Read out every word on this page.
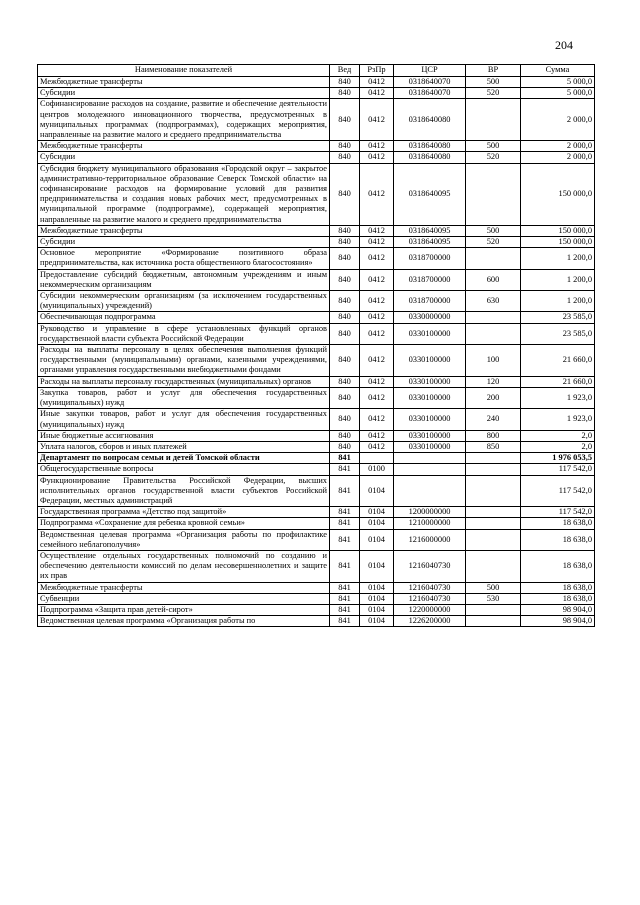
204
Наименование показателей	Вед	РзПр	ЦСР	ВР	Сумма
Межбюджетные трансферты	840	0412	0318640070	500	5 000,0
Субсидии	840	0412	0318640070	520	5 000,0
Софинансирование расходов на создание, развитие и обеспечение деятельности центров молодежного инновационного творчества, предусмотренных в муниципальных программах (подпрограммах), содержащих мероприятия, направленные на развитие малого и среднего предпринимательства	840	0412	0318640080		2 000,0
Межбюджетные трансферты	840	0412	0318640080	500	2 000,0
Субсидии	840	0412	0318640080	520	2 000,0
Субсидия бюджету муниципального образования «Городской округ – закрытое административно-территориальное образование Северск Томской области» на софинансирование расходов на формирование условий для развития предпринимательства и создания новых рабочих мест, предусмотренных в муниципальной программе (подпрограмме), содержащей мероприятия, направленные на развитие малого и среднего предпринимательства	840	0412	0318640095		150 000,0
Межбюджетные трансферты	840	0412	0318640095	500	150 000,0
Субсидии	840	0412	0318640095	520	150 000,0
Основное мероприятие «Формирование позитивного образа предпринимательства, как источника роста общественного благосостояния»	840	0412	0318700000		1 200,0
Предоставление субсидий бюджетным, автономным учреждениям и иным некоммерческим организациям	840	0412	0318700000	600	1 200,0
Субсидии некоммерческим организациям (за исключением государственных (муниципальных) учреждений)	840	0412	0318700000	630	1 200,0
Обеспечивающая подпрограмма	840	0412	0330000000		23 585,0
Руководство и управление в сфере установленных функций органов государственной власти субъекта Российской Федерации	840	0412	0330100000		23 585,0
Расходы на выплаты персоналу в целях обеспечения выполнения функций государственными (муниципальными) органами, казенными учреждениями, органами управления государственными внебюджетными фондами	840	0412	0330100000	100	21 660,0
Расходы на выплаты персоналу государственных (муниципальных) органов	840	0412	0330100000	120	21 660,0
Закупка товаров, работ и услуг для обеспечения государственных (муниципальных) нужд	840	0412	0330100000	200	1 923,0
Иные закупки товаров, работ и услуг для обеспечения государственных (муниципальных) нужд	840	0412	0330100000	240	1 923,0
Иные бюджетные ассигнования	840	0412	0330100000	800	2,0
Уплата налогов, сборов и иных платежей	840	0412	0330100000	850	2,0
Департамент по вопросам семьи и детей Томской области	841				1 976 053,5
Общегосударственные вопросы	841	0100			117 542,0
Функционирование Правительства Российской Федерации, высших исполнительных органов государственной власти субъектов Российской Федерации, местных администраций	841	0104			117 542,0
Государственная программа «Детство под защитой»	841	0104	1200000000		117 542,0
Подпрограмма «Сохранение для ребенка кровной семьи»	841	0104	1210000000		18 638,0
Ведомственная целевая программа «Организация работы по профилактике семейного неблагополучия»	841	0104	1216000000		18 638,0
Осуществление отдельных государственных полномочий по созданию и обеспечению деятельности комиссий по делам несовершеннолетних и защите их прав	841	0104	1216040730		18 638,0
Межбюджетные трансферты	841	0104	1216040730	500	18 638,0
Субвенции	841	0104	1216040730	530	18 638,0
Подпрограмма «Защита прав детей-сирот»	841	0104	1220000000		98 904,0
Ведомственная целевая программа «Организация работы по	841	0104	1226200000		98 904,0
